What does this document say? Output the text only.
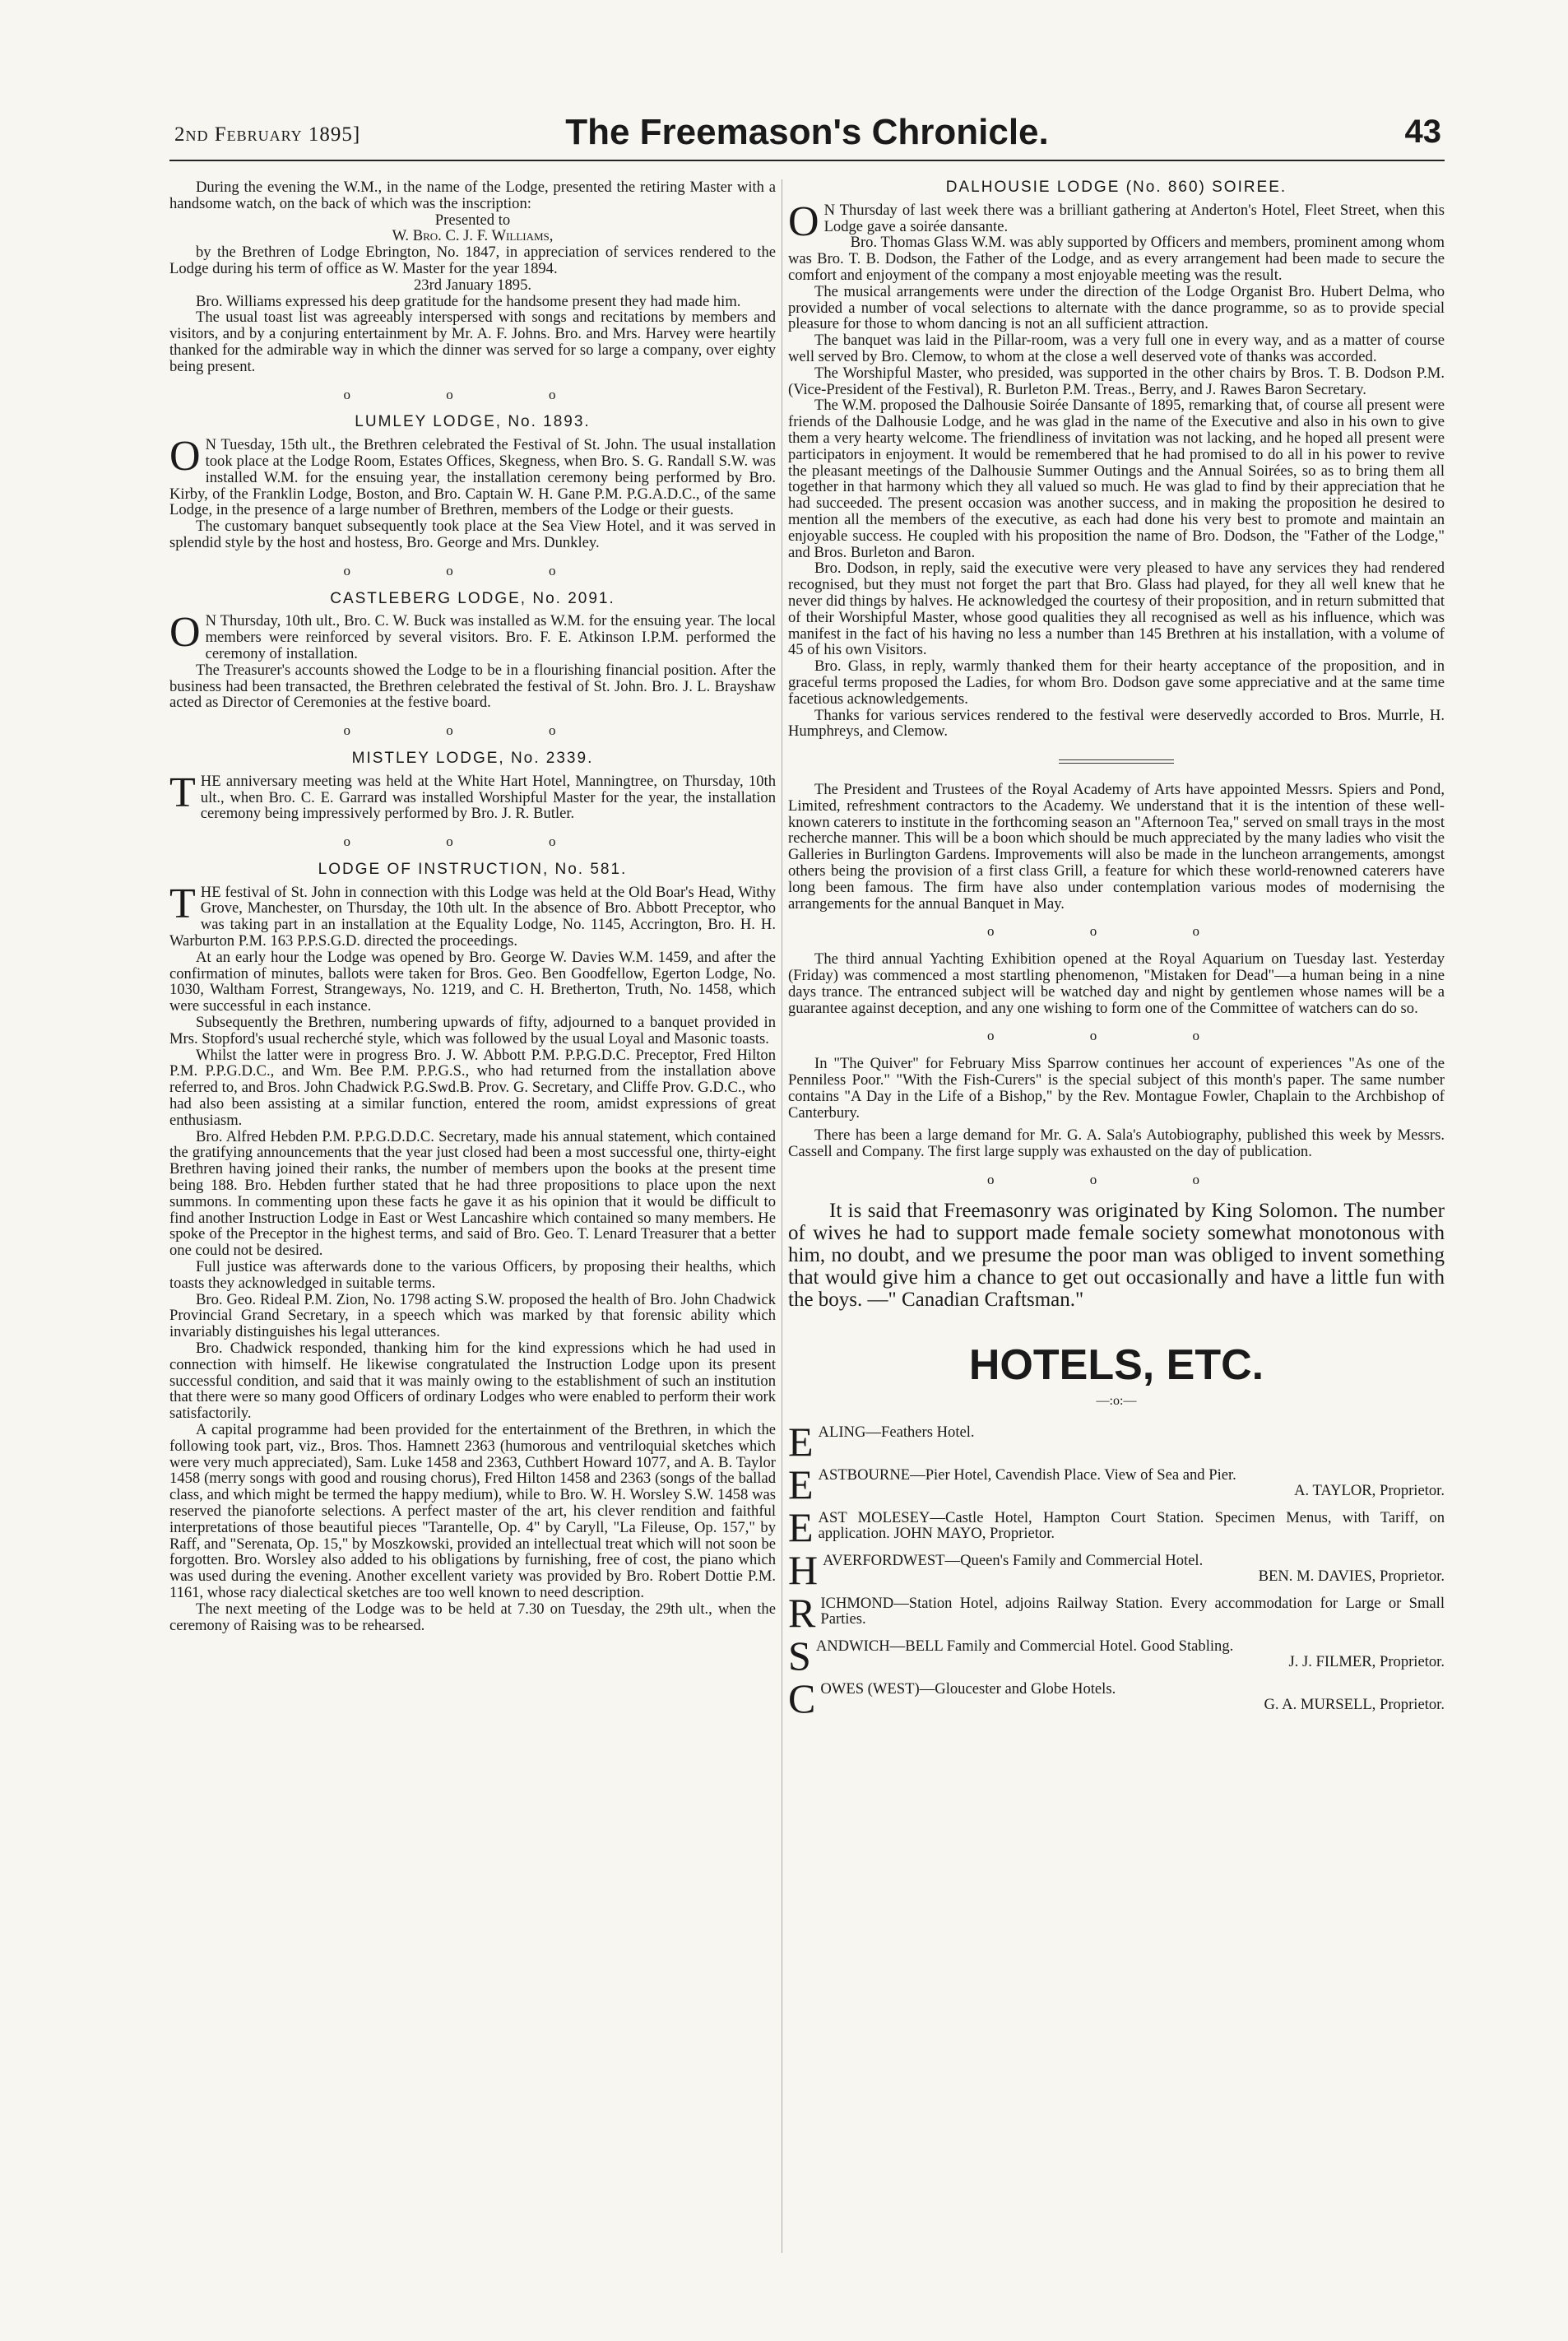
2nd February 1895]	The Freemason's Chronicle.	43

During the evening the W.M., in the name of the Lodge, presented the retiring Master with a handsome watch, on the back of which was the inscription:

Presented to

W. Bro. C. J. F. Williams,

by the Brethren of Lodge Ebrington, No. 1847, in appreciation of services rendered to the Lodge during his term of office as W. Master for the year 1894.

23rd January 1895.

Bro. Williams expressed his deep gratitude for the handsome present they had made him.

The usual toast list was agreeably interspersed with songs and recitations by members and visitors, and by a conjuring entertainment by Mr. A. F. Johns. Bro. and Mrs. Harvey were heartily thanked for the admirable way in which the dinner was served for so large a company, over eighty being present.

o o o
LUMLEY LODGE, No. 1893.

O N Tuesday, 15th ult., the Brethren celebrated the Festival of St. John. The usual installation took place at the Lodge Room, Estates Offices, Skegness, when Bro. S. G. Randall S.W. was installed W.M. for the ensuing year, the installation ceremony being performed by Bro. Kirby, of the Franklin Lodge, Boston, and Bro. Captain W. H. Gane P.M. P.G.A.D.C., of the same Lodge, in the presence of a large number of Brethren, members of the Lodge or their guests.

The customary banquet subsequently took place at the Sea View Hotel, and it was served in splendid style by the host and hostess, Bro. George and Mrs. Dunkley.

o o o
CASTLEBERG LODGE, No. 2091.

O N Thursday, 10th ult., Bro. C. W. Buck was installed as W.M. for the ensuing year. The local members were reinforced by several visitors. Bro. F. E. Atkinson I.P.M. performed the ceremony of installation.

The Treasurer's accounts showed the Lodge to be in a flourishing financial position. After the business had been transacted, the Brethren celebrated the festival of St. John. Bro. J. L. Brayshaw acted as Director of Ceremonies at the festive board.

o o o
MISTLEY LODGE, No. 2339.

THE anniversary meeting was held at the White Hart Hotel, Manningtree, on Thursday, 10th ult., when Bro. C. E. Garrard was installed Worshipful Master for the year, the installation ceremony being impressively performed by Bro. J. R. Butler.

o o o
LODGE OF INSTRUCTION, No. 581.

THE festival of St. John in connection with this Lodge was held at the Old Boar's Head, Withy Grove, Manchester, on Thursday, the 10th ult. In the absence of Bro. Abbott Preceptor, who was taking part in an installation at the Equality Lodge, No. 1145, Accrington, Bro. H. H. Warburton P.M. 163 P.P.S.G.D. directed the proceedings.

At an early hour the Lodge was opened by Bro. George W. Davies W.M. 1459, and after the confirmation of minutes, ballots were taken for Bros. Geo. Ben Goodfellow, Egerton Lodge, No. 1030, Waltham Forrest, Strangeways, No. 1219, and C. H. Bretherton, Truth, No. 1458, which were successful in each instance.

Subsequently the Brethren, numbering upwards of fifty, adjourned to a banquet provided in Mrs. Stopford's usual recherché style, which was followed by the usual Loyal and Masonic toasts.

Whilst the latter were in progress Bro. J. W. Abbott P.M. P.P.G.D.C. Preceptor, Fred Hilton P.M. P.P.G.D.C., and Wm. Bee P.M. P.P.G.S., who had returned from the installation above referred to, and Bros. John Chadwick P.G.Swd.B. Prov. G. Secretary, and Cliffe Prov. G.D.C., who had also been assisting at a similar function, entered the room, amidst expressions of great enthusiasm.

Bro. Alfred Hebden P.M. P.P.G.D.D.C. Secretary, made his annual statement, which contained the gratifying announcements that the year just closed had been a most successful one, thirty-eight Brethren having joined their ranks, the number of members upon the books at the present time being 188. Bro. Hebden further stated that he had three propositions to place upon the next summons. In commenting upon these facts he gave it as his opinion that it would be difficult to find another Instruction Lodge in East or West Lancashire which contained so many members. He spoke of the Preceptor in the highest terms, and said of Bro. Geo. T. Lenard Treasurer that a better one could not be desired.

Full justice was afterwards done to the various Officers, by proposing their healths, which toasts they acknowledged in suitable terms.

Bro. Geo. Rideal P.M. Zion, No. 1798 acting S.W. proposed the health of Bro. John Chadwick Provincial Grand Secretary, in a speech which was marked by that forensic ability which invariably distinguishes his legal utterances.

Bro. Chadwick responded, thanking him for the kind expressions which he had used in connection with himself. He likewise congratulated the Instruction Lodge upon its present successful condition, and said that it was mainly owing to the establishment of such an institution that there were so many good Officers of ordinary Lodges who were enabled to perform their work satisfactorily.

A capital programme had been provided for the entertainment of the Brethren, in which the following took part, viz., Bros. Thos. Hamnett 2363 (humorous and ventriloquial sketches which were very much appreciated), Sam. Luke 1458 and 2363, Cuthbert Howard 1077, and A. B. Taylor 1458 (merry songs with good and rousing chorus), Fred Hilton 1458 and 2363 (songs of the ballad class, and which might be termed the happy medium), while to Bro. W. H. Worsley S.W. 1458 was reserved the pianoforte selections. A perfect master of the art, his clever rendition and faithful interpretations of those beautiful pieces "Tarantelle, Op. 4" by Caryll, "La Fileuse, Op. 157," by Raff, and "Serenata, Op. 15," by Moszkowski, provided an intellectual treat which will not soon be forgotten. Bro. Worsley also added to his obligations by furnishing, free of cost, the piano which was used during the evening. Another excellent variety was provided by Bro. Robert Dottie P.M. 1161, whose racy dialectical sketches are too well known to need description.

The next meeting of the Lodge was to be held at 7.30 on Tuesday, the 29th ult., when the ceremony of Raising was to be rehearsed.

DALHOUSIE LODGE (No. 860) SOIREE.

O N Thursday of last week there was a brilliant gathering at Anderton's Hotel, Fleet Street, when this Lodge gave a soirée dansante.

Bro. Thomas Glass W.M. was ably supported by Officers and members, prominent among whom was Bro. T. B. Dodson, the Father of the Lodge, and as every arrangement had been made to secure the comfort and enjoyment of the company a most enjoyable meeting was the result.

The musical arrangements were under the direction of the Lodge Organist Bro. Hubert Delma, who provided a number of vocal selections to alternate with the dance programme, so as to provide special pleasure for those to whom dancing is not an all sufficient attraction.

The banquet was laid in the Pillar-room, was a very full one in every way, and as a matter of course well served by Bro. Clemow, to whom at the close a well deserved vote of thanks was accorded.

The Worshipful Master, who presided, was supported in the other chairs by Bros. T. B. Dodson P.M. (Vice-President of the Festival), R. Burleton P.M. Treas., Berry, and J. Rawes Baron Secretary.

The W.M. proposed the Dalhousie Soirée Dansante of 1895, remarking that, of course all present were friends of the Dalhousie Lodge, and he was glad in the name of the Executive and also in his own to give them a very hearty welcome. The friendliness of invitation was not lacking, and he hoped all present were participators in enjoyment. It would be remembered that he had promised to do all in his power to revive the pleasant meetings of the Dalhousie Summer Outings and the Annual Soirées, so as to bring them all together in that harmony which they all valued so much. He was glad to find by their appreciation that he had succeeded. The present occasion was another success, and in making the proposition he desired to mention all the members of the executive, as each had done his very best to promote and maintain an enjoyable success. He coupled with his proposition the name of Bro. Dodson, the "Father of the Lodge," and Bros. Burleton and Baron.

Bro. Dodson, in reply, said the executive were very pleased to have any services they had rendered recognised, but they must not forget the part that Bro. Glass had played, for they all well knew that he never did things by halves. He acknowledged the courtesy of their proposition, and in return submitted that of their Worshipful Master, whose good qualities they all recognised as well as his influence, which was manifest in the fact of his having no less a number than 145 Brethren at his installation, with a volume of 45 of his own Visitors.

Bro. Glass, in reply, warmly thanked them for their hearty acceptance of the proposition, and in graceful terms proposed the Ladies, for whom Bro. Dodson gave some appreciative and at the same time facetious acknowledgements.

Thanks for various services rendered to the festival were deservedly accorded to Bros. Murrle, H. Humphreys, and Clemow.

The President and Trustees of the Royal Academy of Arts have appointed Messrs. Spiers and Pond, Limited, refreshment contractors to the Academy. We understand that it is the intention of these well-known caterers to institute in the forthcoming season an "Afternoon Tea," served on small trays in the most recherche manner. This will be a boon which should be much appreciated by the many ladies who visit the Galleries in Burlington Gardens. Improvements will also be made in the luncheon arrangements, amongst others being the provision of a first class Grill, a feature for which these world-renowned caterers have long been famous. The firm have also under contemplation various modes of modernising the arrangements for the annual Banquet in May.

o o o

The third annual Yachting Exhibition opened at the Royal Aquarium on Tuesday last. Yesterday (Friday) was commenced a most startling phenomenon, "Mistaken for Dead"—a human being in a nine days trance. The entranced subject will be watched day and night by gentlemen whose names will be a guarantee against deception, and any one wishing to form one of the Committee of watchers can do so.

o o o

In "The Quiver" for February Miss Sparrow continues her account of experiences "As one of the Penniless Poor." "With the Fish-Curers" is the special subject of this month's paper. The same number contains "A Day in the Life of a Bishop," by the Rev. Montague Fowler, Chaplain to the Archbishop of Canterbury.

There has been a large demand for Mr. G. A. Sala's Autobiography, published this week by Messrs. Cassell and Company. The first large supply was exhausted on the day of publication.

o o o

It is said that Freemasonry was originated by King Solomon. The number of wives he had to support made female society somewhat monotonous with him, no doubt, and we presume the poor man was obliged to invent something that would give him a chance to get out occasionally and have a little fun with the boys. —" Canadian Craftsman."

HOTELS, ETC.
—:o:—
E ALING—Feathers Hotel.
E ASTBOURNE—Pier Hotel, Cavendish Place. View of Sea and Pier.
A. TAYLOR, Proprietor.
E AST MOLESEY—Castle Hotel, Hampton Court Station. Specimen Menus, with Tariff, on application. JOHN MAYO, Proprietor.
H AVERFORDWEST—Queen's Family and Commercial Hotel.
BEN. M. DAVIES, Proprietor.
R ICHMOND—Station Hotel, adjoins Railway Station. Every accommodation for Large or Small Parties.
S ANDWICH—BELL Family and Commercial Hotel. Good Stabling.
J. J. FILMER, Proprietor.
C OWES (WEST)—Gloucester and Globe Hotels.
G. A. MURSELL, Proprietor.
